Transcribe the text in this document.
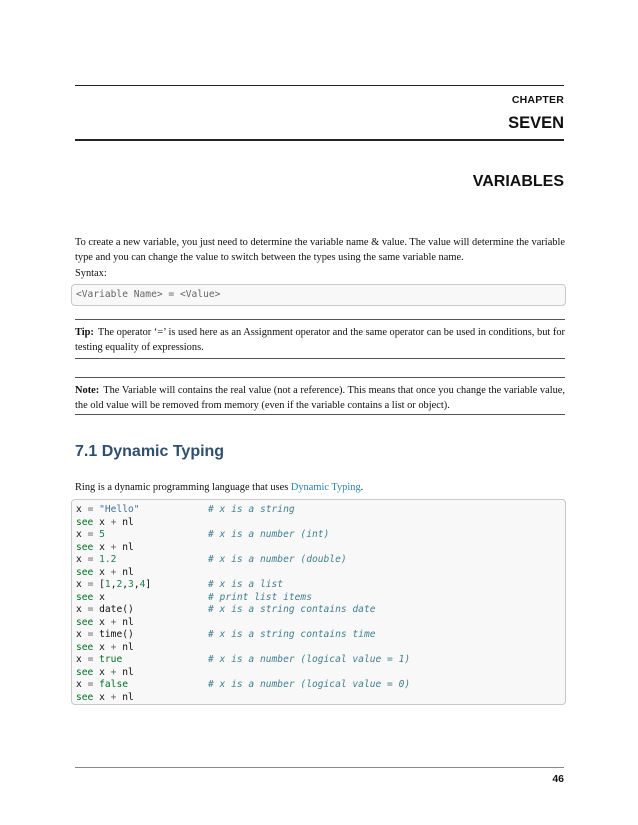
CHAPTER
SEVEN
VARIABLES
To create a new variable, you just need to determine the variable name & value. The value will determine the variable type and you can change the value to switch between the types using the same variable name.
Syntax:
<Variable Name> = <Value>
Tip: The operator ‘=’ is used here as an Assignment operator and the same operator can be used in conditions, but for testing equality of expressions.
Note: The Variable will contains the real value (not a reference). This means that once you change the variable value, the old value will be removed from memory (even if the variable contains a list or object).
7.1 Dynamic Typing
Ring is a dynamic programming language that uses Dynamic Typing.
x = "Hello"	# x is a string
see x + nl
x = 5	# x is a number (int)
see x + nl
x = 1.2	# x is a number (double)
see x + nl
x = [1,2,3,4]	# x is a list
see x	# print list items
x = date()	# x is a string contains date
see x + nl
x = time()	# x is a string contains time
see x + nl
x = true	# x is a number (logical value = 1)
see x + nl
x = false	# x is a number (logical value = 0)
see x + nl
46
